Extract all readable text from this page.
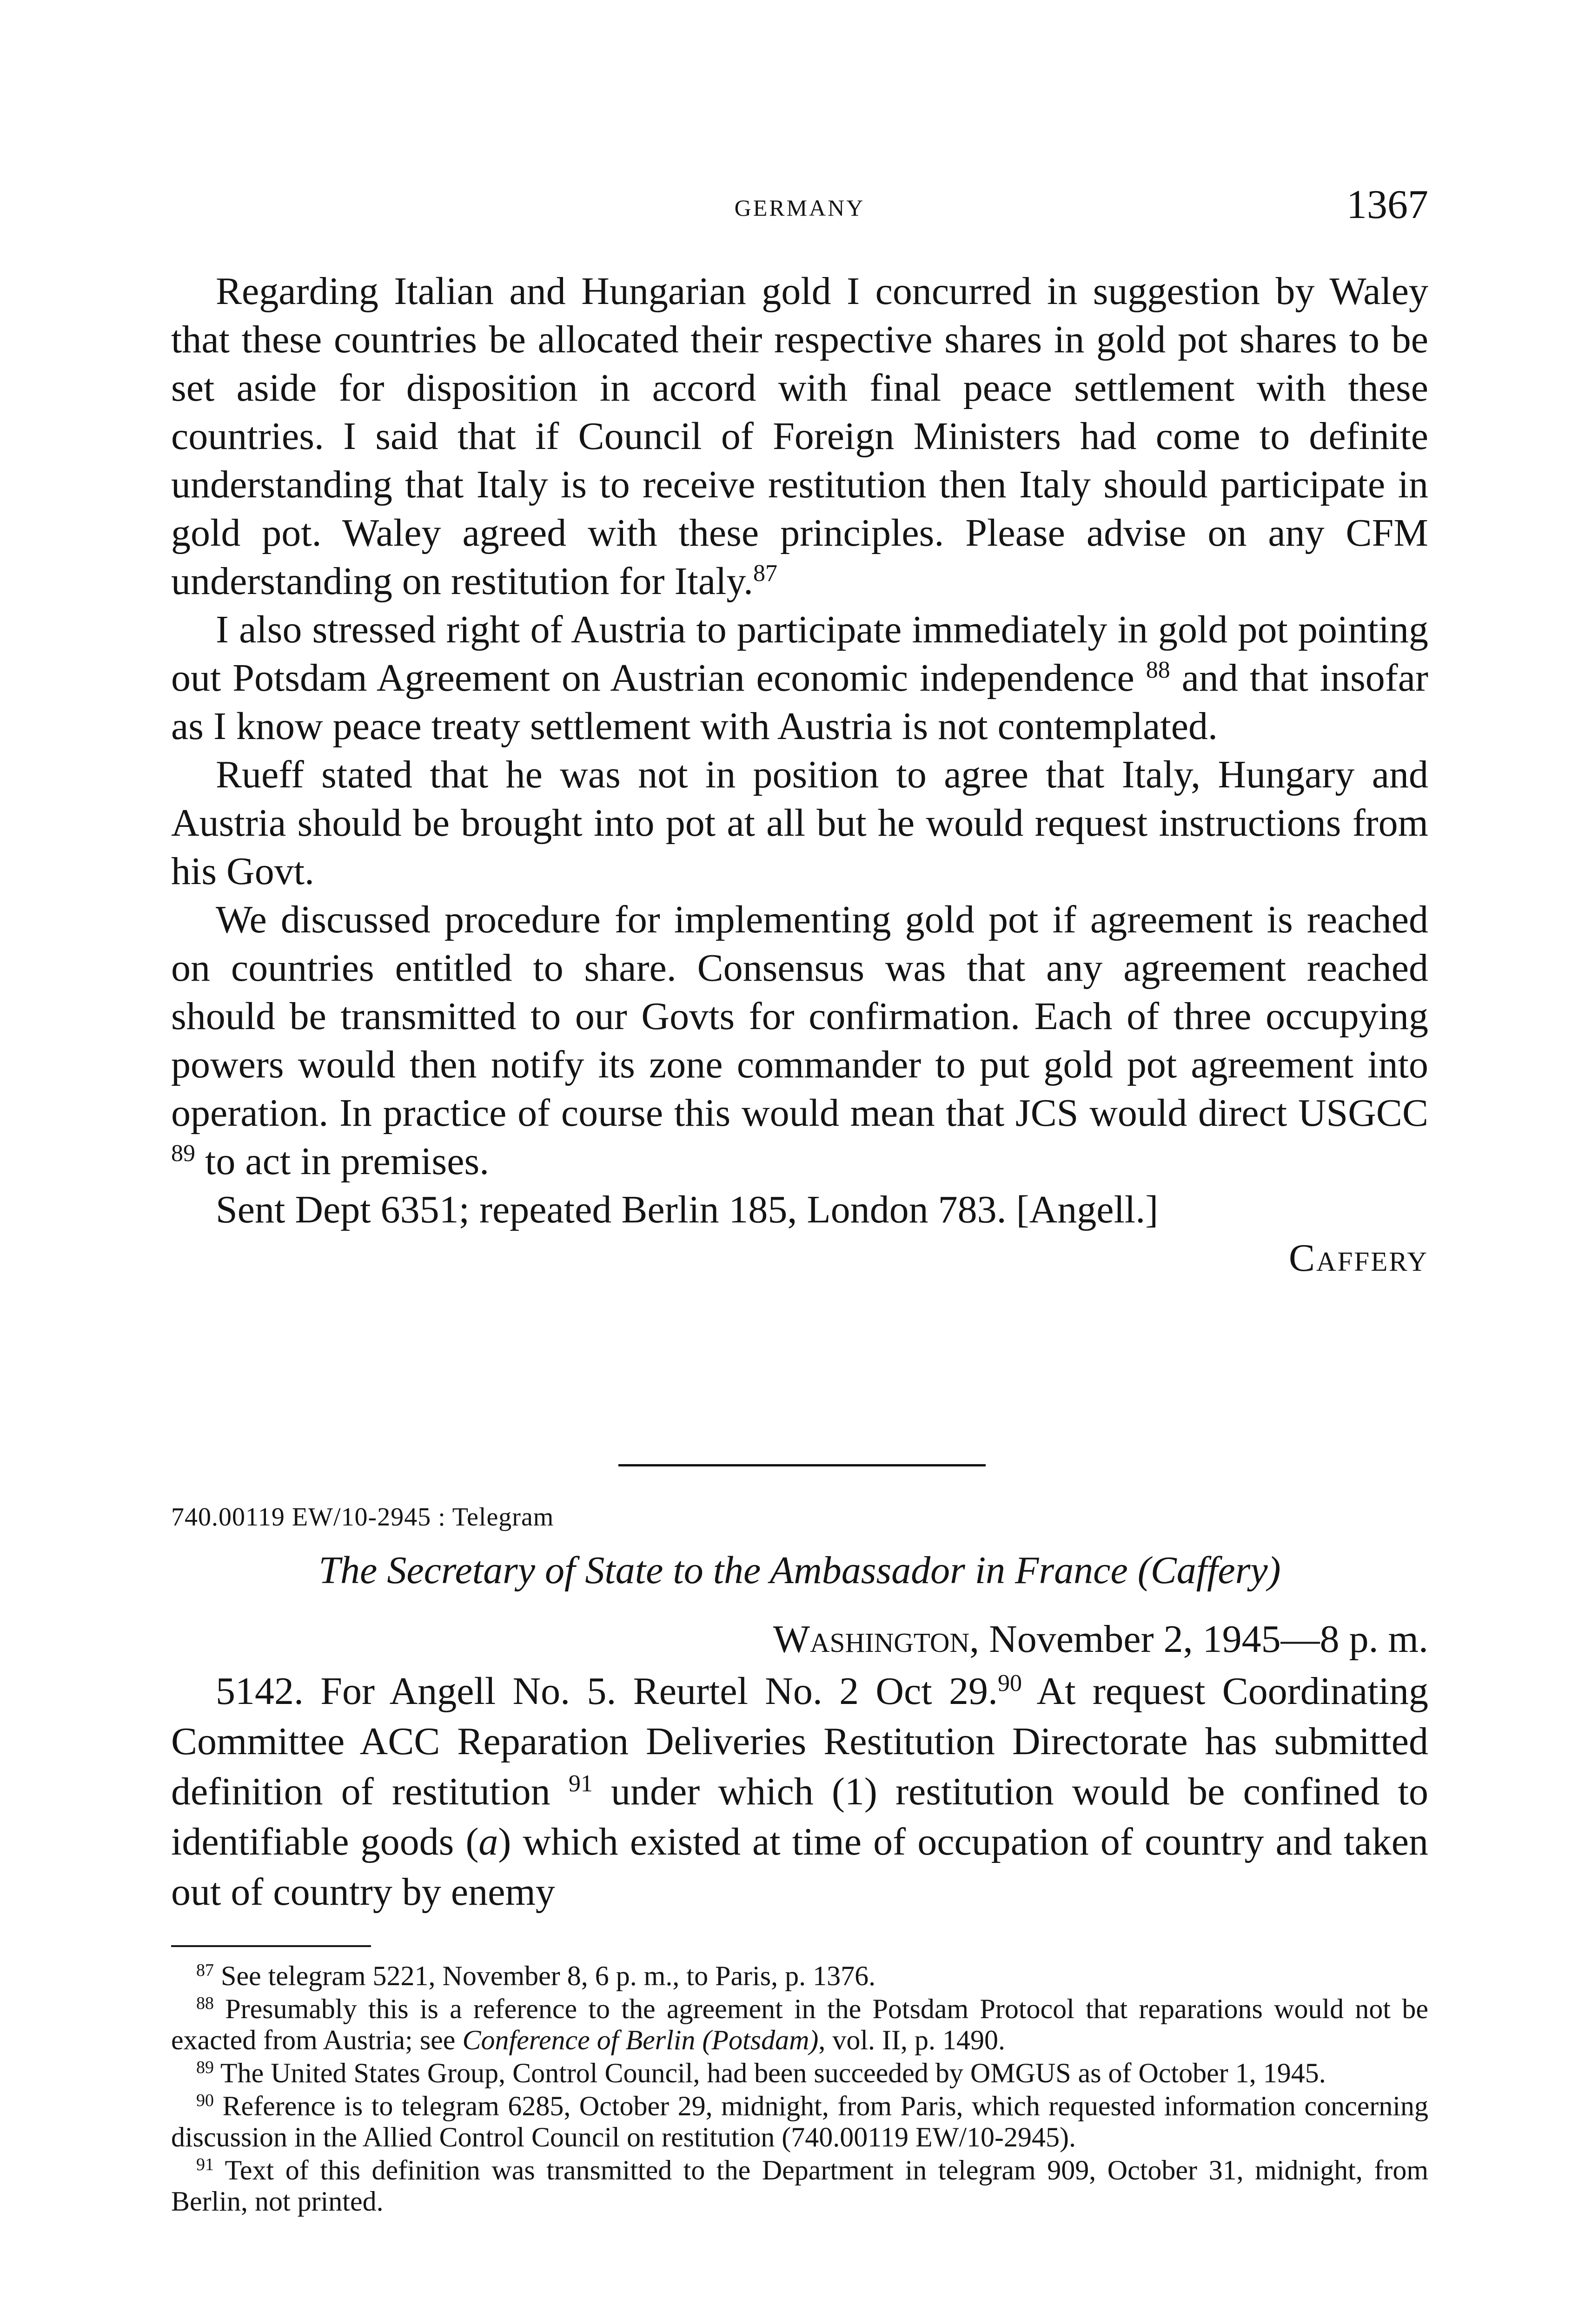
GERMANY	1367

Regarding Italian and Hungarian gold I concurred in suggestion by Waley that these countries be allocated their respective shares in gold pot shares to be set aside for disposition in accord with final peace settlement with these countries. I said that if Council of Foreign Ministers had come to definite understanding that Italy is to receive restitution then Italy should participate in gold pot. Waley agreed with these principles. Please advise on any CFM understanding on restitution for Italy.$^{87}$

I also stressed right of Austria to participate immediately in gold pot pointing out Potsdam Agreement on Austrian economic independence $^{88}$ and that insofar as I know peace treaty settlement with Austria is not contemplated.

Rueff stated that he was not in position to agree that Italy, Hungary and Austria should be brought into pot at all but he would request instructions from his Govt.

We discussed procedure for implementing gold pot if agreement is reached on countries entitled to share. Consensus was that any agreement reached should be transmitted to our Govts for confirmation. Each of three occupying powers would then notify its zone commander to put gold pot agreement into operation. In practice of course this would mean that JCS would direct USGCC $^{89}$ to act in premises.

Sent Dept 6351; repeated Berlin 185, London 783. [Angell.]

Caffery
740.00119 EW/10-2945 : Telegram
The Secretary of State to the Ambassador in France (Caffery)
Washington, November 2, 1945—8 p. m.

5142. For Angell No. 5. Reurtel No. 2 Oct 29.90 At request Coordinating Committee ACC Reparation Deliveries Restitution Directorate has submitted definition of restitution $^{91}$ under which (1) restitution would be confined to identifiable goods (a) which existed at time of occupation of country and taken out of country by enemy

$^{87}$ See telegram 5221, November 8, 6 p. m., to Paris, p. 1376.

$^{88}$ Presumably this is a reference to the agreement in the Potsdam Protocol that reparations would not be exacted from Austria; see Conference of Berlin (Potsdam), vol. II, p. 1490.

$^{89}$ The United States Group, Control Council, had been succeeded by OMGUS as of October 1, 1945.

$^{90}$ Reference is to telegram 6285, October 29, midnight, from Paris, which requested information concerning discussion in the Allied Control Council on restitution (740.00119 EW/10-2945).

$^{91}$ Text of this definition was transmitted to the Department in telegram 909, October 31, midnight, from Berlin, not printed.
